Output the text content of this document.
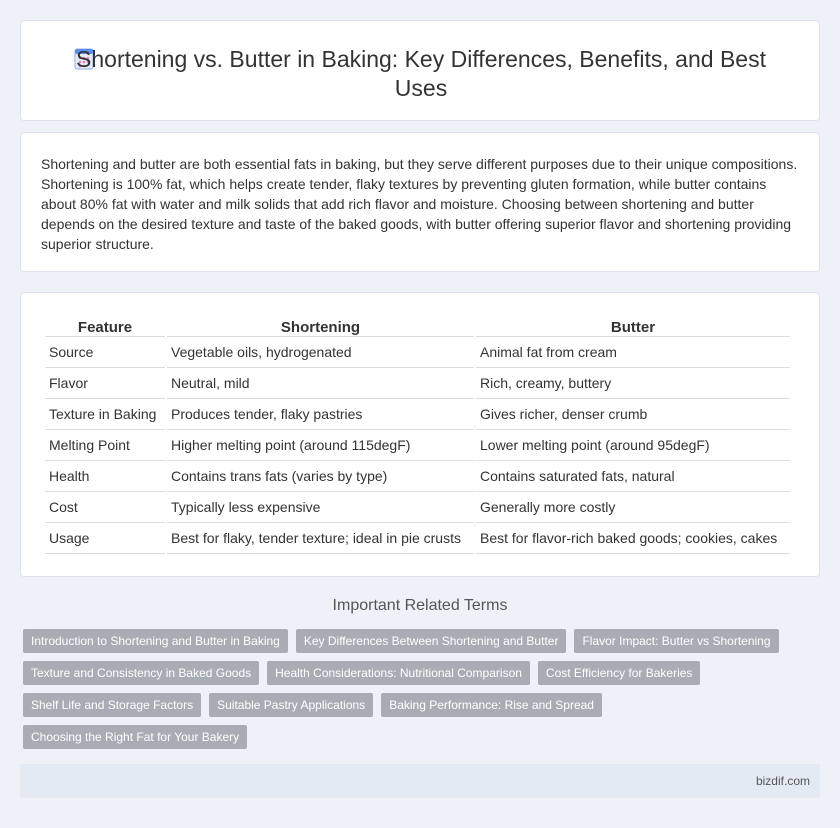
Shortening vs. Butter in Baking: Key Differences, Benefits, and Best Uses

Shortening and butter are both essential fats in baking, but they serve different purposes due to their unique compositions. Shortening is 100% fat, which helps create tender, flaky textures by preventing gluten formation, while butter contains about 80% fat with water and milk solids that add rich flavor and moisture. Choosing between shortening and butter depends on the desired texture and taste of the baked goods, with butter offering superior flavor and shortening providing superior structure.

Feature	Shortening	Butter
Source	Vegetable oils, hydrogenated	Animal fat from cream
Flavor	Neutral, mild	Rich, creamy, buttery
Texture in Baking	Produces tender, flaky pastries	Gives richer, denser crumb
Melting Point	Higher melting point (around 115degF)	Lower melting point (around 95degF)
Health	Contains trans fats (varies by type)	Contains saturated fats, natural
Cost	Typically less expensive	Generally more costly
Usage	Best for flaky, tender texture; ideal in pie crusts	Best for flavor-rich baked goods; cookies, cakes
Important Related Terms
Introduction to Shortening and Butter in Baking	Key Differences Between Shortening and Butter	Flavor Impact: Butter vs Shortening
Texture and Consistency in Baked Goods	Health Considerations: Nutritional Comparison	Cost Efficiency for Bakeries
Shelf Life and Storage Factors	Suitable Pastry Applications	Baking Performance: Rise and Spread
Choosing the Right Fat for Your Bakery
bizdif.com
